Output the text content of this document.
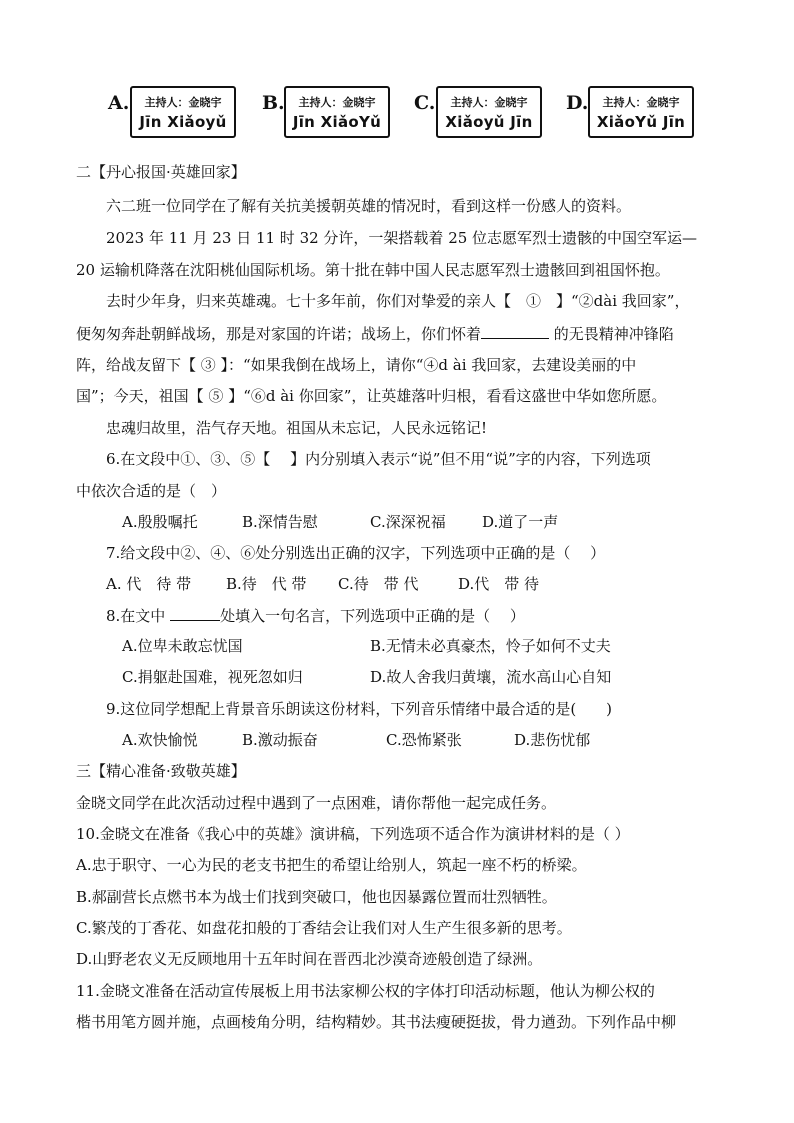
A.	主持人：金晓宇
Jīn Xiǎoyǔ
B.	主持人：金晓宇
Jīn XiǎoYǔ
C.	主持人：金晓宇
Xiǎoyǔ Jīn
D.	主持人：金晓宇
XiǎoYǔ Jīn
二【丹心报国·英雄回家】
六二班一位同学在了解有关抗美援朝英雄的情况时，看到这样一份感人的资料。
2023 年 11 月 23 日 11 时 32 分许，一架搭载着 25 位志愿军烈士遗骸的中国空军运—
20 运输机降落在沈阳桃仙国际机场。第十批在韩中国人民志愿军烈士遗骸回到祖国怀抱。
去时少年身，归来英雄魂。七十多年前，你们对挚爱的亲人【　①　】“②dài 我回家”，
便匆匆奔赴朝鲜战场，那是对家国的许诺；战场上，你们怀着	的无畏精神冲锋陷
阵，给战友留下【 ③ 】：“如果我倒在战场上，请你“④d ài 我回家，去建设美丽的中
国”；今天，祖国【 ⑤ 】“⑥d ài 你回家”，让英雄落叶归根，看看这盛世中华如您所愿。
忠魂归故里，浩气存天地。祖国从未忘记，人民永远铭记!
6.在文段中①、③、⑤【　 】内分别填入表示“说”但不用“说”字的内容，下列选项
中依次合适的是（　）
A.殷殷嘱托	B.深情告慰	C.深深祝福 D.道了一声
7.给文段中②、④、⑥处分别选出正确的汉字，下列选项中正确的是（　 ）
A. 代　待 带 B.待　代 带 C.待　带 代	D.代　带 待
8.在文中	处填入一句名言，下列选项中正确的是（　 ）
A.位卑未敢忘忧国	B.无情未必真豪杰，怜子如何不丈夫
C.捐躯赴国难，视死忽如归	D.故人舍我归黄壤，流水高山心自知
9.这位同学想配上背景音乐朗读这份材料，下列音乐情绪中最合适的是(　　)
A.欢快愉悦	B.激动振奋	C.恐怖紧张	D.悲伤忧郁
三【精心准备·致敬英雄】
金晓文同学在此次活动过程中遇到了一点困难，请你帮他一起完成任务。
10.金晓文在准备《我心中的英雄》演讲稿，下列选项不适合作为演讲材料的是（ ）
A.忠于职守、一心为民的老支书把生的希望让给别人，筑起一座不朽的桥梁。
B.郝副营长点燃书本为战士们找到突破口，他也因暴露位置而壮烈牺牲。
C.繁茂的丁香花、如盘花扣般的丁香结会让我们对人生产生很多新的思考。
D.山野老农义无反顾地用十五年时间在晋西北沙漠奇迹般创造了绿洲。
11.金晓文准备在活动宣传展板上用书法家柳公权的字体打印活动标题，他认为柳公权的
楷书用笔方圆并施，点画棱角分明，结构精妙。其书法瘦硬挺拔，骨力遒劲。下列作品中柳
